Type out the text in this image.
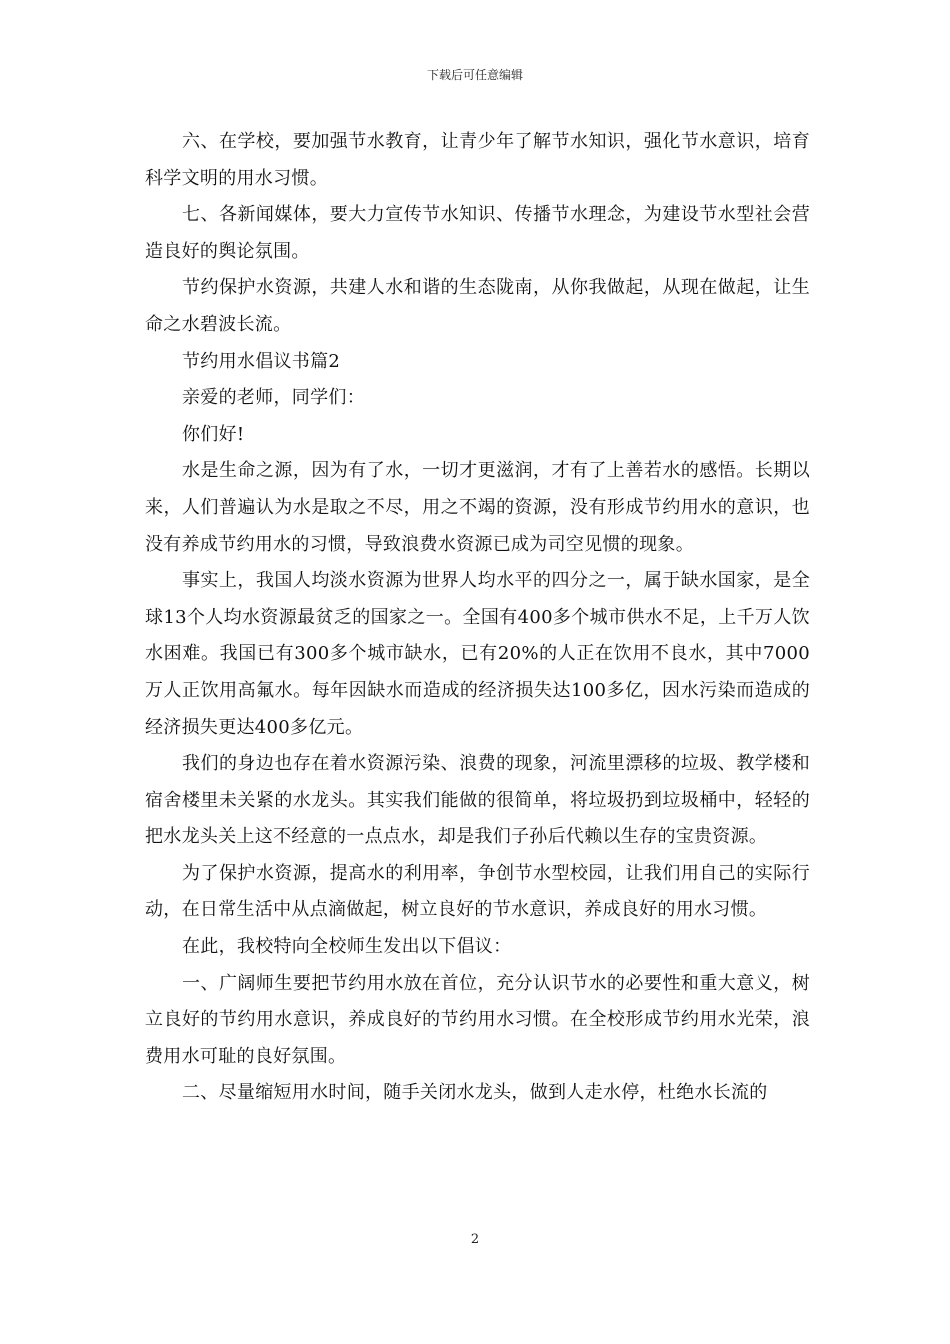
下载后可任意编辑

六、在学校，要加强节水教育，让青少年了解节水知识，强化节水意识，培育科学文明的用水习惯。

七、各新闻媒体，要大力宣传节水知识、传播节水理念，为建设节水型社会营造良好的舆论氛围。

节约保护水资源，共建人水和谐的生态陇南，从你我做起，从现在做起，让生命之水碧波长流。

节约用水倡议书篇2

亲爱的老师，同学们：

你们好!

水是生命之源，因为有了水，一切才更滋润，才有了上善若水的感悟。长期以来，人们普遍认为水是取之不尽，用之不竭的资源，没有形成节约用水的意识，也没有养成节约用水的习惯，导致浪费水资源已成为司空见惯的现象。

事实上，我国人均淡水资源为世界人均水平的四分之一，属于缺水国家，是全球13个人均水资源最贫乏的国家之一。全国有400多个城市供水不足，上千万人饮水困难。我国已有300多个城市缺水，已有20%的人正在饮用不良水，其中7000万人正饮用高氟水。每年因缺水而造成的经济损失达100多亿，因水污染而造成的经济损失更达400多亿元。

我们的身边也存在着水资源污染、浪费的现象，河流里漂移的垃圾、教学楼和宿舍楼里未关紧的水龙头。其实我们能做的很简单，将垃圾扔到垃圾桶中，轻轻的把水龙头关上这不经意的一点点水，却是我们子孙后代赖以生存的宝贵资源。

为了保护水资源，提高水的利用率，争创节水型校园，让我们用自己的实际行动，在日常生活中从点滴做起，树立良好的节水意识，养成良好的用水习惯。

在此，我校特向全校师生发出以下倡议：

一、广阔师生要把节约用水放在首位，充分认识节水的必要性和重大意义，树立良好的节约用水意识，养成良好的节约用水习惯。在全校形成节约用水光荣，浪费用水可耻的良好氛围。

二、尽量缩短用水时间，随手关闭水龙头，做到人走水停，杜绝水长流的

2
